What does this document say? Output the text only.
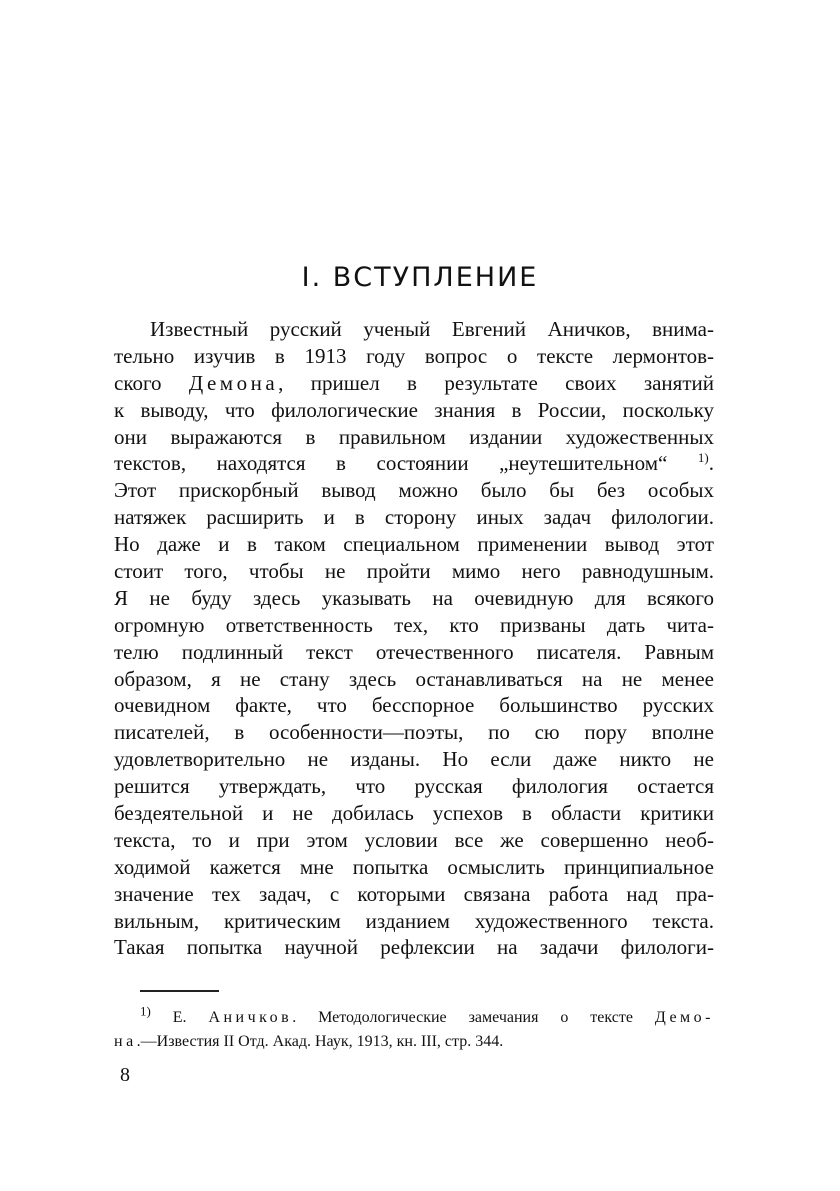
I. ВСТУПЛЕНИЕ
Известный русский ученый Евгений Аничков, внима-
тельно изучив в 1913 году вопрос о тексте лермонтов-
ского Демона, пришел в результате своих занятий
к выводу, что филологические знания в России, поскольку
они выражаются в правильном издании художественных
текстов, находятся в состоянии „неутешительном“ $^{1)}$.
Этот прискорбный вывод можно было бы без особых
натяжек расширить и в сторону иных задач филологии.
Но даже и в таком специальном применении вывод этот
стоит того, чтобы не пройти мимо него равнодушным.
Я не буду здесь указывать на очевидную для всякого
огромную ответственность тех, кто призваны дать чита-
телю подлинный текст отечественного писателя. Равным
образом, я не стану здесь останавливаться на не менее
очевидном факте, что бесспорное большинство русских
писателей, в особенности—поэты, по сю пору вполне
удовлетворительно не изданы. Но если даже никто не
решится утверждать, что русская филология остается
бездеятельной и не добилась успехов в области критики
текста, то и при этом условии все же совершенно необ-
ходимой кажется мне попытка осмыслить принципиальное
значение тех задач, с которыми связана работа над пра-
вильным, критическим изданием художественного текста.
Такая попытка научной рефлексии на задачи филологи-
$^{1)}$ Е. Аничков. Методологические замечания о тексте Демо-
на.—Известия II Отд. Акад. Наук, 1913, кн. III, стр. 344.
8
